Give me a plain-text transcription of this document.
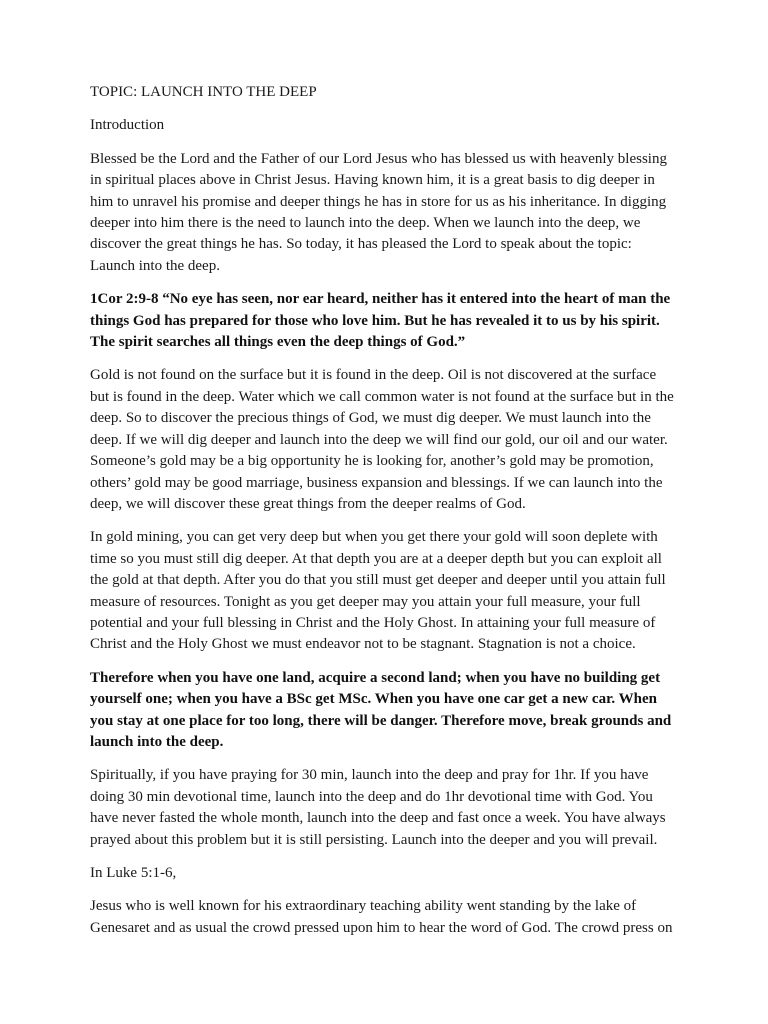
TOPIC: LAUNCH INTO THE DEEP

Introduction

Blessed be the Lord and the Father of our Lord Jesus who has blessed us with heavenly blessing in spiritual places above in Christ Jesus. Having known him, it is a great basis to dig deeper in him to unravel his promise and deeper things he has in store for us as his inheritance. In digging deeper into him there is the need to launch into the deep. When we launch into the deep, we discover the great things he has. So today, it has pleased the Lord to speak about the topic: Launch into the deep.

1Cor 2:9-8 “No eye has seen, nor ear heard, neither has it entered into the heart of man the things God has prepared for those who love him. But he has revealed it to us by his spirit. The spirit searches all things even the deep things of God.”

Gold is not found on the surface but it is found in the deep. Oil is not discovered at the surface but is found in the deep. Water which we call common water is not found at the surface but in the deep. So to discover the precious things of God, we must dig deeper. We must launch into the deep. If we will dig deeper and launch into the deep we will find our gold, our oil and our water. Someone’s gold may be a big opportunity he is looking for, another’s gold may be promotion, others’ gold may be good marriage, business expansion and blessings. If we can launch into the deep, we will discover these great things from the deeper realms of God.

In gold mining, you can get very deep but when you get there your gold will soon deplete with time so you must still dig deeper. At that depth you are at a deeper depth but you can exploit all the gold at that depth. After you do that you still must get deeper and deeper until you attain full measure of resources. Tonight as you get deeper may you attain your full measure, your full potential and your full blessing in Christ and the Holy Ghost. In attaining your full measure of Christ and the Holy Ghost we must endeavor not to be stagnant. Stagnation is not a choice.

Therefore when you have one land, acquire a second land; when you have no building get yourself one; when you have a BSc get MSc. When you have one car get a new car. When you stay at one place for too long, there will be danger. Therefore move, break grounds and launch into the deep.

Spiritually, if you have praying for 30 min, launch into the deep and pray for 1hr. If you have doing 30 min devotional time, launch into the deep and do 1hr devotional time with God. You have never fasted the whole month, launch into the deep and fast once a week. You have always prayed about this problem but it is still persisting. Launch into the deeper and you will prevail.

In Luke 5:1-6,

Jesus who is well known for his extraordinary teaching ability went standing by the lake of Genesaret and as usual the crowd pressed upon him to hear the word of God. The crowd press on
